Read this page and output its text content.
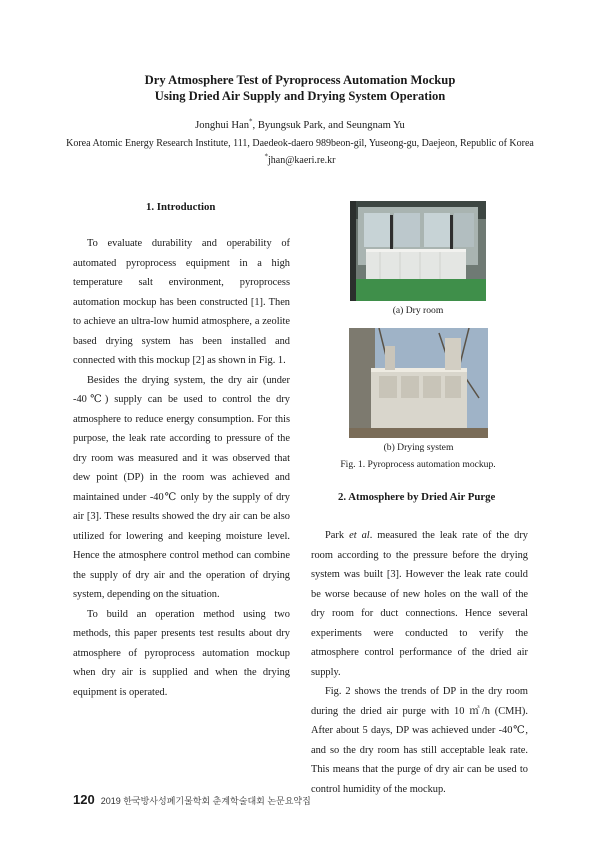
Dry Atmosphere Test of Pyroprocess Automation Mockup
Using Dried Air Supply and Drying System Operation
Jonghui Han*, Byungsuk Park, and Seungnam Yu
Korea Atomic Energy Research Institute, 111, Daedeok-daero 989beon-gil, Yuseong-gu, Daejeon, Republic of Korea
*jhan@kaeri.re.kr
1. Introduction

To evaluate durability and operability of automated pyroprocess equipment in a high temperature salt environment, pyroprocess automation mockup has been constructed [1]. Then to achieve an ultra-low humid atmosphere, a zeolite based drying system has been installed and connected with this mockup [2] as shown in Fig. 1.

Besides the drying system, the dry air (under -40℃) supply can be used to control the dry atmosphere to reduce energy consumption. For this purpose, the leak rate according to pressure of the dry room was measured and it was observed that dew point (DP) in the room was achieved and maintained under -40℃ only by the supply of dry air [3]. These results showed the dry air can be also utilized for lowering and keeping moisture level. Hence the atmosphere control method can combine the supply of dry air and the operation of drying system, depending on the situation.

To build an operation method using two methods, this paper presents test results about dry atmosphere of pyroprocess automation mockup when dry air is supplied and when the drying equipment is operated.

(a) Dry room
(b) Drying system
Fig. 1. Pyroprocess automation mockup.
2. Atmosphere by Dried Air Purge

Park et al. measured the leak rate of the dry room according to the pressure before the drying system was built [3]. However the leak rate could be worse because of new holes on the wall of the dry room for duct connections. Hence several experiments were conducted to verify the atmosphere control performance of the dried air supply.

Fig. 2 shows the trends of DP in the dry room during the dried air purge with 10 ㎥/h (CMH). After about 5 days, DP was achieved under -40℃, and so the dry room has still acceptable leak rate. This means that the purge of dry air can be used to control humidity of the mockup.

120 2019 한국방사성폐기물학회 춘계학술대회 논문요약집
